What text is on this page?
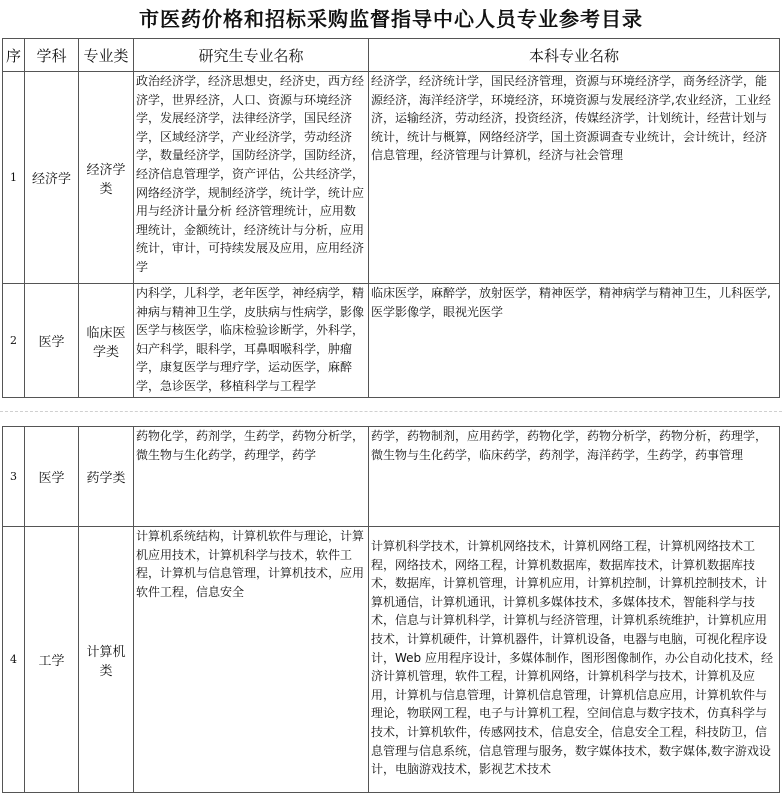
市医药价格和招标采购监督指导中心人员专业参考目录
序	学科	专业类	研究生专业名称	本科专业名称
1	经济学	经济学类	政治经济学，经济思想史，经济史，西方经济学，世界经济，人口、资源与环境经济学，发展经济学，法律经济学，国民经济学，区域经济学，产业经济学，劳动经济学，数量经济学，国防经济学，国防经济，经济信息管理学，资产评估，公共经济学，网络经济学，规制经济学，统计学，统计应用与经济计量分析 经济管理统计，应用数理统计，金额统计，经济统计与分析，应用统计，审计，可持续发展及应用，应用经济学	经济学，经济统计学，国民经济管理，资源与环境经济学，商务经济学，能源经济，海洋经济学，环境经济，环境资源与发展经济学,农业经济，工业经济，运输经济，劳动经济，投资经济，传媒经济学，计划统计，经营计划与统计，统计与概算，网络经济学，国土资源调查专业统计，会计统计，经济信息管理，经济管理与计算机，经济与社会管理
2	医学	临床医学类	内科学，儿科学，老年医学，神经病学，精神病与精神卫生学，皮肤病与性病学，影像医学与核医学，临床检验诊断学，外科学，妇产科学，眼科学，耳鼻咽喉科学，肿瘤学，康复医学与理疗学，运动医学，麻醉学，急诊医学，移植科学与工程学	临床医学，麻醉学，放射医学，精神医学，精神病学与精神卫生，儿科医学,医学影像学，眼视光医学
3	医学	药学类	药物化学，药剂学，生药学，药物分析学，微生物与生化药学，药理学，药学	药学，药物制剂，应用药学，药物化学，药物分析学，药物分析，药理学，微生物与生化药学，临床药学，药剂学，海洋药学，生药学，药事管理
4	工学	计算机类	计算机系统结构，计算机软件与理论，计算机应用技术，计算机科学与技术，软件工程，计算机与信息管理，计算机技术，应用软件工程，信息安全	计算机科学技术，计算机网络技术，计算机网络工程，计算机网络技术工程，网络技术，网络工程，计算机数据库，数据库技术，计算机数据库技术，数据库，计算机管理，计算机应用，计算机控制，计算机控制技术，计算机通信，计算机通讯，计算机多媒体技术，多媒体技术，智能科学与技术，信息与计算机科学，计算机与经济管理，计算机系统维护，计算机应用技术，计算机硬件，计算机器件，计算机设备，电器与电脑，可视化程序设计，Web 应用程序设计，多媒体制作，图形图像制作，办公自动化技术，经济计算机管理，软件工程，计算机网络，计算机科学与技术，计算机及应用，计算机与信息管理，计算机信息管理，计算机信息应用，计算机软件与理论，物联网工程，电子与计算机工程，空间信息与数字技术，仿真科学与技术，计算机软件，传感网技术，信息安全，信息安全工程，科技防卫，信息管理与信息系统，信息管理与服务，数字媒体技术，数字媒体,数字游戏设计，电脑游戏技术，影视艺术技术
